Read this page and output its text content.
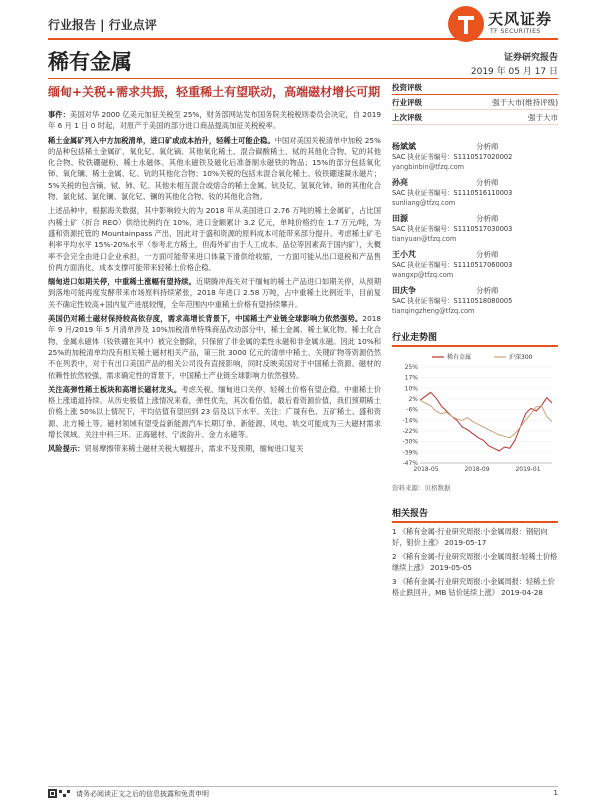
行业报告 | 行业点评	天风证券
TF SECURITIES
稀有金属	证券研究报告
2019 年 05 月 17 日
缅甸+关税+需求共振，轻重稀土有望联动，高端磁材增长可期

事件：美国对华 2000 亿美元加征关税至 25%，财务部网站发布国务院关税税则委员会决定，自 2019 年 6 月 1 日 0 时起，对原产于美国的部分进口商品提高加征关税税率。

稀土金属矿列入中方加税清单，进口矿或成本抬升，轻稀土可能企稳。中国对美国关税清单中加税 25%的品种包括稀土金属矿、氧化钇、氧化镝、其他氧化稀土、混合碳酸稀土、铽的其他化合物、钇的其他化合物、钕铁硼磁粉、稀土永磁体、其他永磁铁及磁化后准备制永磁铁的物品；15%的部分包括氧化铈、氧化镧、稀土金属、钇、钪的其他化合物；10%关税的包括未混合氧化稀土、钕铁硼速凝永磁片；5%关税的包含镝、铽、铈、钇、其他未相互混合或熔合的稀土金属、钪及钇、氢氧化铈、铈的其他化合物、氯化铽、氯化镧、氯化钇、镧的其他化合物、钕的其他化合物。

上述品种中，根据海关数据，其中影响较大的为 2018 年从美国进口 2.76 万吨的稀土金属矿，占比国内稀土矿（折合 REO）供给比例约在 10%，进口金额累计 3.2 亿元，单吨价格约在 1.7 万元/吨，为盛和资源托管的 Mountainpass 产出，因此对于盛和资源的原料成本可能带来部分提升。考虑稀土矿毛利率平均水平 15%-20%水平（参考北方稀土，但海外矿由于人工成本、品位等因素高于国内矿），大概率不会完全由进口企业承担，一方面可能带来进口体量下滑供给收缩，一方面可能从出口退税和产品售价两方面消化，成本支撑可能带来轻稀土价格企稳。

缅甸进口如期关停，中重稀土涨幅有望持续。近期腾冲海关对于缅甸的稀土产品进口如期关停，从预期到落地可能再度发酵带来市场原料持续紧张，2018 年进口 2.58 万吨，占中重稀土比例近半，目前复关不确定性较高+国内复产进展较慢，全年范围内中重稀土价格有望持续攀升。

美国仍对稀土磁材保持较高依存度，需求高增长背景下，中国稀土产业链全球影响力依然强势。2018 年 9 月/2019 年 5 月清单涉及 10%加税清单特殊商品改动部分中，稀土金属、稀土氧化物、稀土化合物、金属永磁体（钕铁硼在其中）被完全删除，只保留了非金属的柔性永磁和非金属永磁。因此 10%和 25%的加税清单均没有相关稀土磁材相关产品，第三批 3000 亿元的清单中稀土、关键矿物等资源仍然不在列表中，对于有出口美国产品的相关公司没有直接影响，同时反映美国对于中国稀土资源、磁材的依赖性依然较强，需求确定性的背景下，中国稀土产业链全球影响力依然强势。

关注高弹性稀土板块和高增长磁材龙头。考虑关税、缅甸进口关停、轻稀土价格有望企稳，中重稀土价格上涨通道持续。从历史极值上涨情况来看，弹性优先，其次看估值，最后看资源价值，我们预期稀土价格上涨 50%以上情况下，平均估值有望回到 23 倍及以下水平。关注：广晟有色、五矿稀土、盛和资源、北方稀土等。磁材领域有望受益新能源汽车长期订单、新能源、风电、轨交可能成为三大磁材需求增长领域。关注中科三环、正海磁材、宁波韵升、金力永磁等。

风险提示：贸易摩擦带来稀土磁材关税大幅提升，需求不及预期，缅甸进口复关

投资评级
行业评级	强于大市(维持评级)
上次评级	强于大市
杨斌斌	分析师
SAC 执业证书编号：S1110517020002
yangbinbin@tfzq.com
孙亮	分析师
SAC 执业证书编号：S1110516110003
sunliang@tfzq.com
田源	分析师
SAC 执业证书编号：S1110517030003
tianyuan@tfzq.com
王小芃	分析师
SAC 执业证书编号：S1110517060003
wangxp@tfzq.com
田庆争	分析师
SAC 执业证书编号：S1110518080005
tianqingzheng@tfzq.com
行业走势图
25%
17%
10%
2%
-6%
-14%
-22%
-30%
-39%
-47%
2018-05	2018-09	2019-01
稀有金属	沪深300
资料来源：贝格数据
相关报告
1 《稀有金属-行业研究周报:小金属周报：钢铝向好，钼价上涨》 2019-05-17
2 《稀有金属-行业研究周报:小金属周报:轻稀土价格继续上涨》 2019-05-05
3 《稀有金属-行业研究周报:小金属周报：轻稀土价格止跌回升，MB 钴价延续上涨》 2019-04-28
请务必阅读正文之后的信息披露和免责申明	1
